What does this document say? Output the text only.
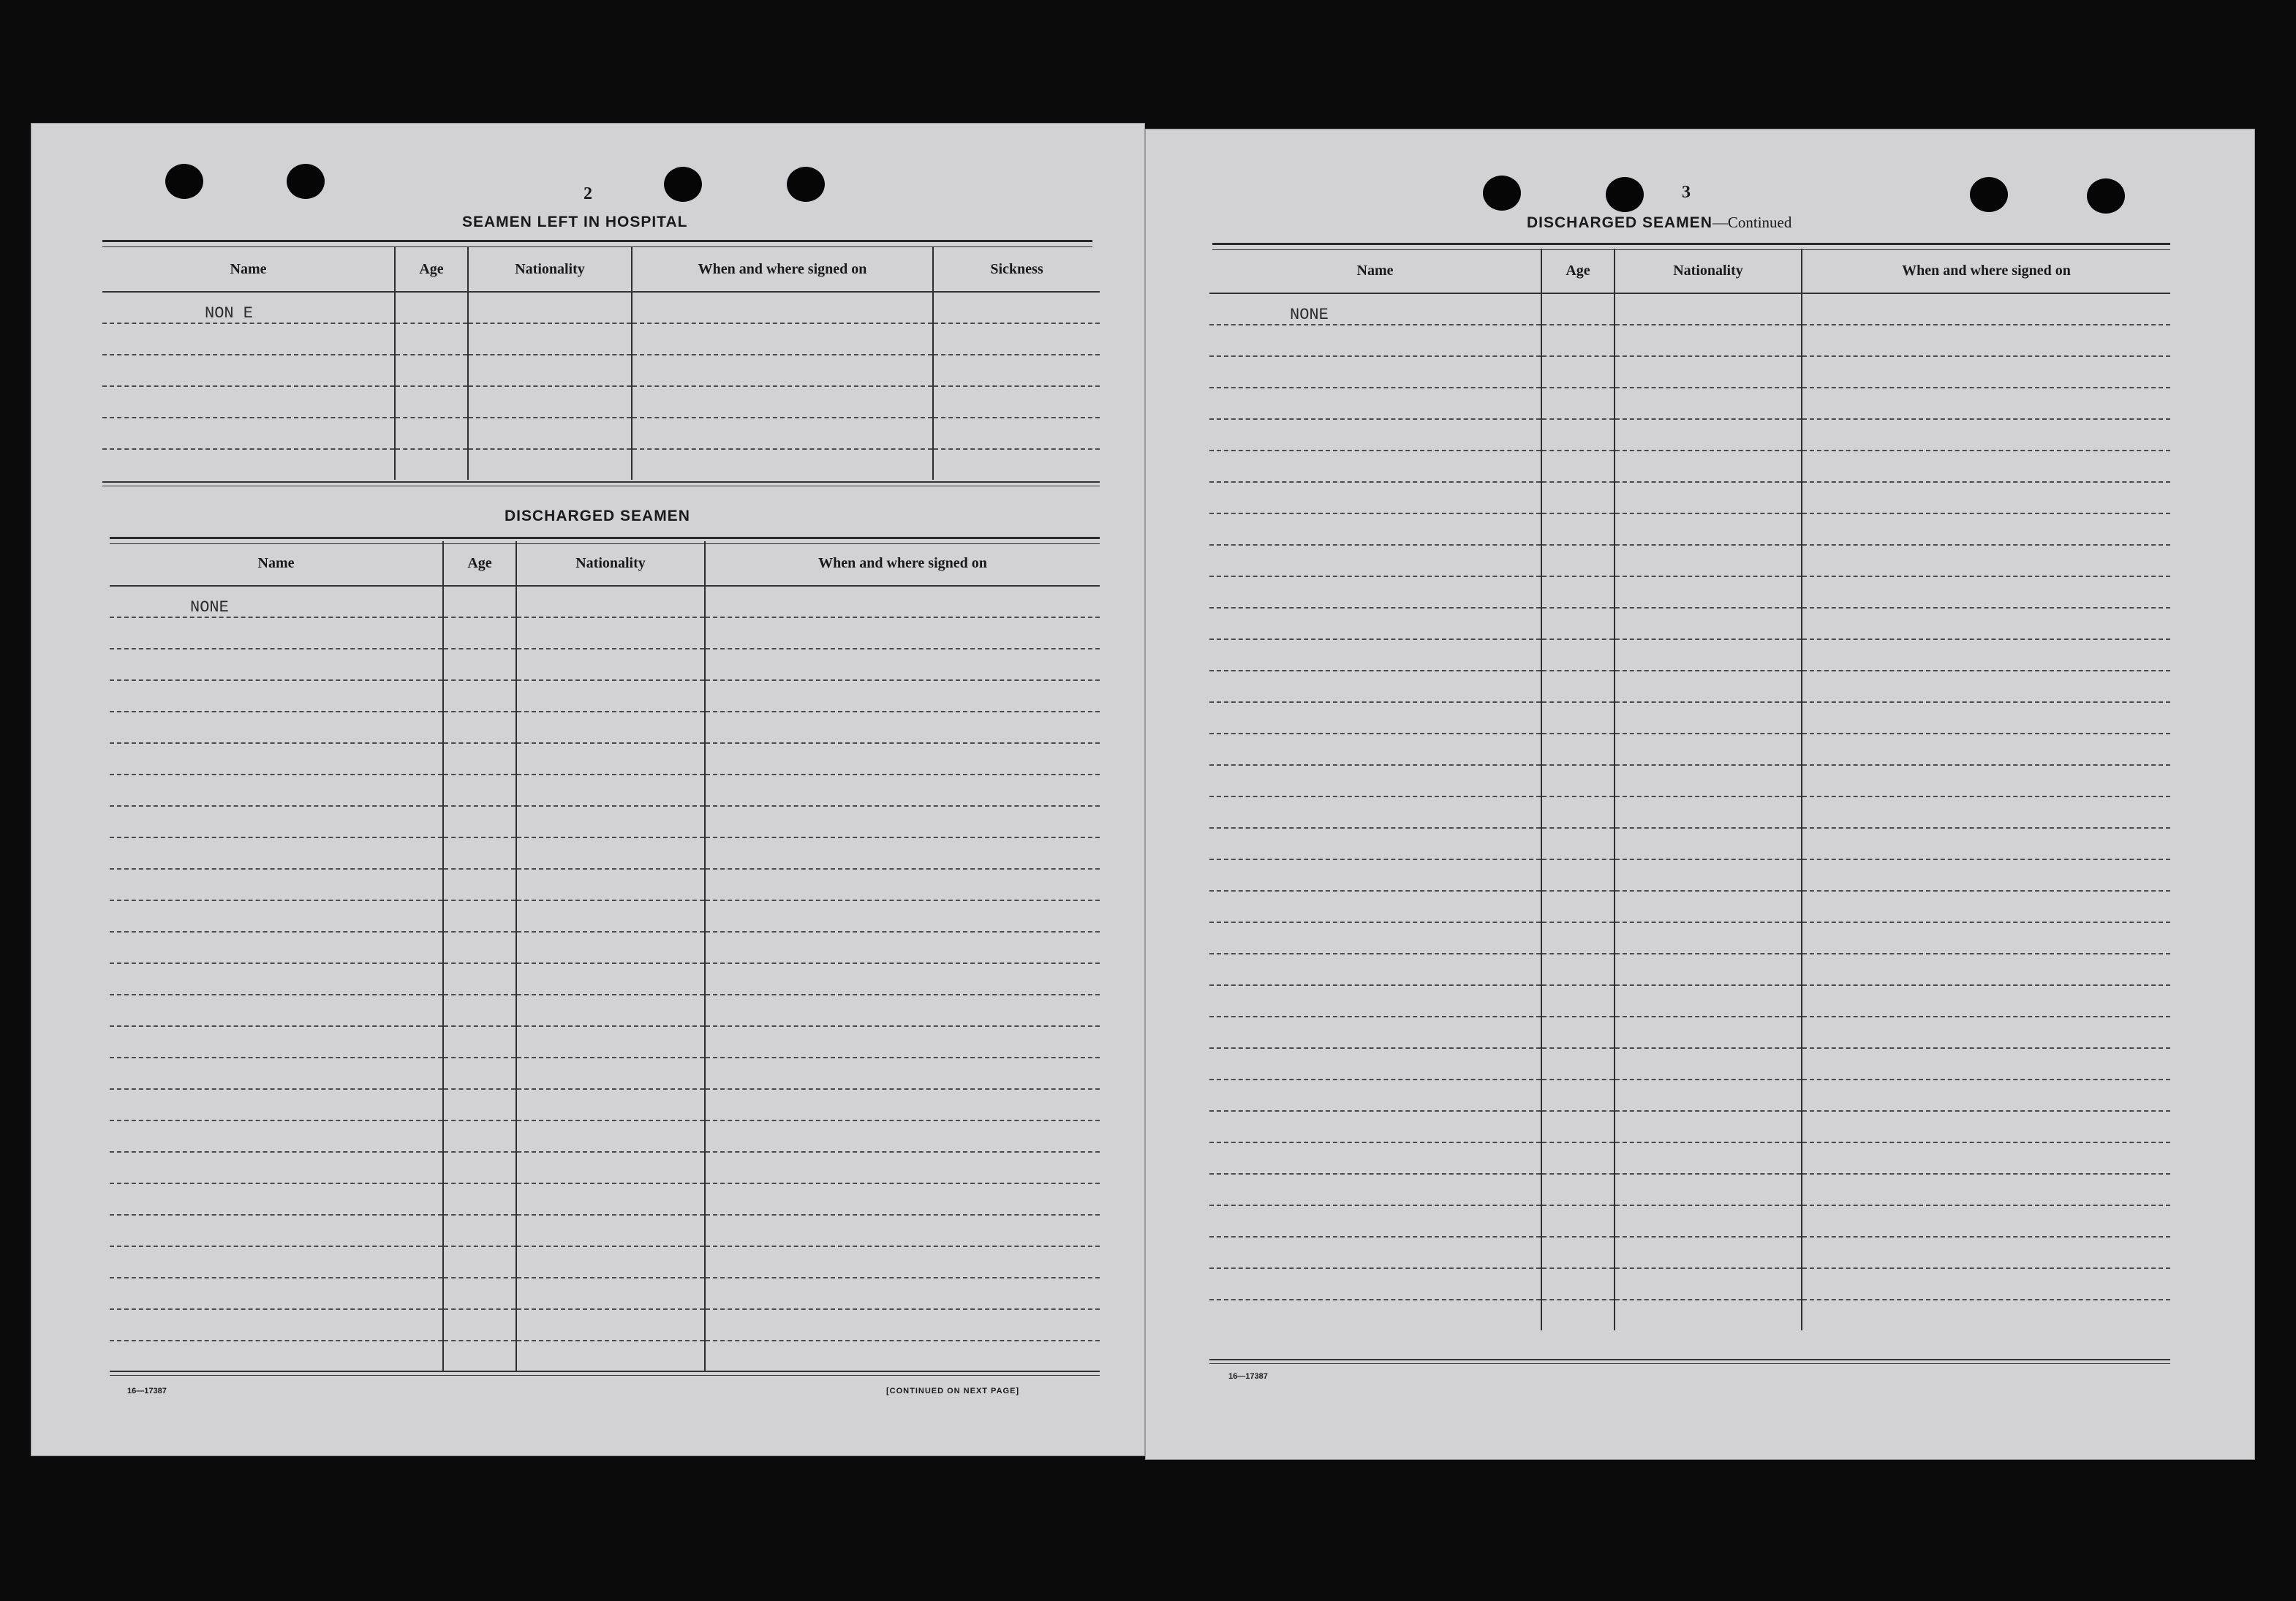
2
SEAMEN LEFT IN HOSPITAL
Name	Age	Nationality	When and where signed on	Sickness
NON E				

DISCHARGED SEAMEN
Name	Age	Nationality	When and where signed on
NONE			

16—17387	[CONTINUED ON NEXT PAGE]
3
DISCHARGED SEAMEN—Continued
Name	Age	Nationality	When and where signed on
NONE			

16—17387
